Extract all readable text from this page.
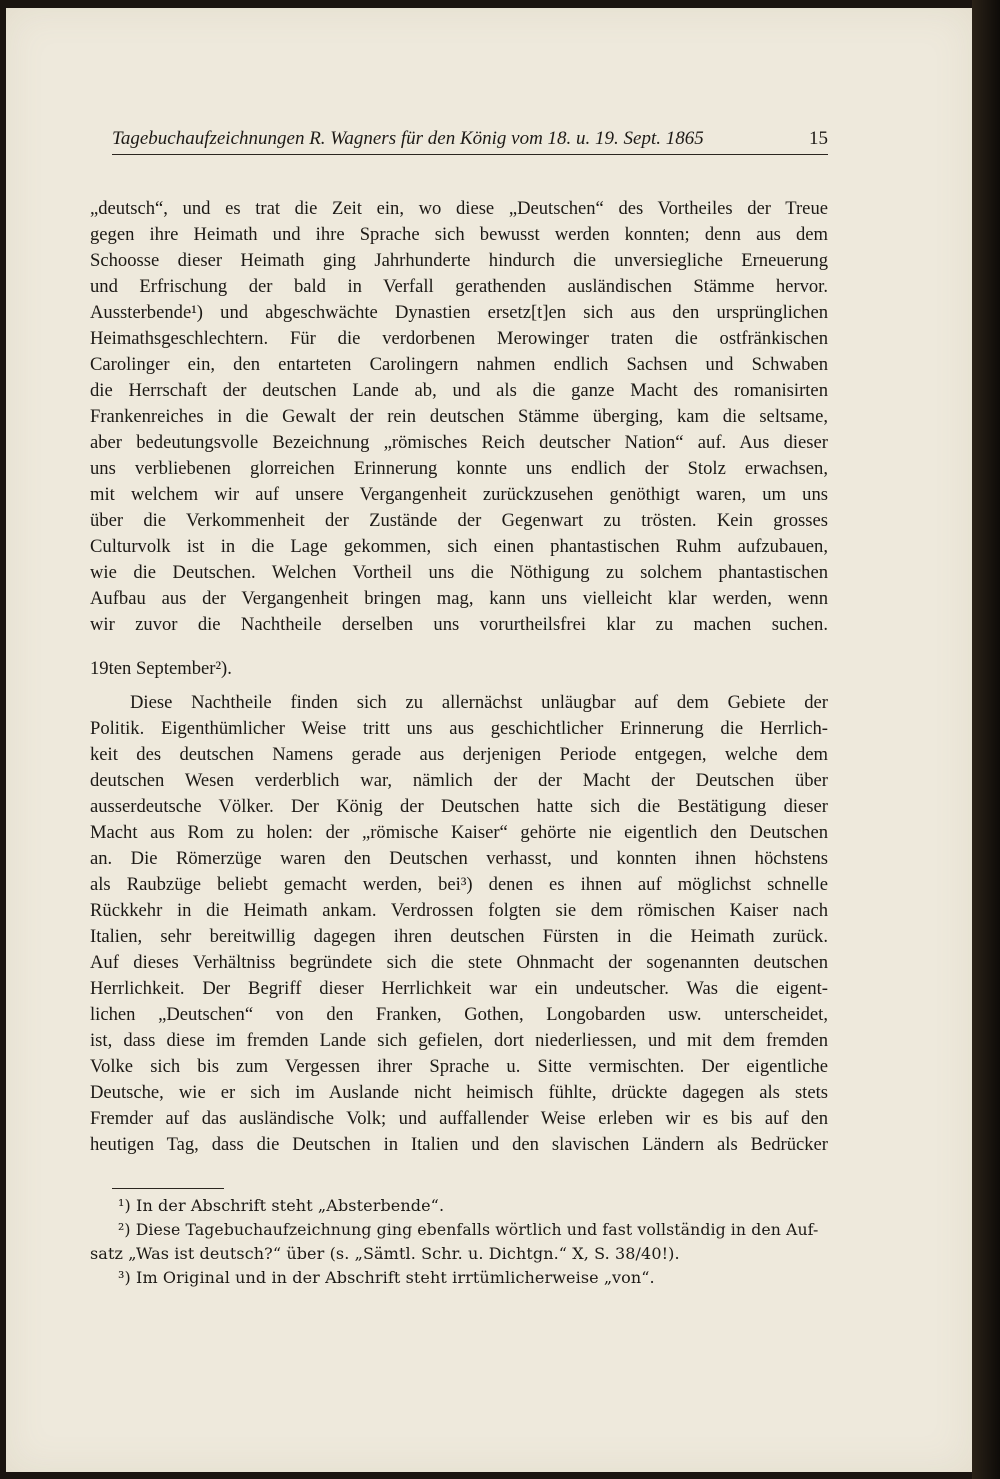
Tagebuchaufzeichnungen R. Wagners für den König vom 18. u. 19. Sept. 1865	15
„deutsch“, und es trat die Zeit ein, wo diese „Deutschen“ des Vortheiles der Treue
gegen ihre Heimath und ihre Sprache sich bewusst werden konnten; denn aus dem
Schoosse dieser Heimath ging Jahrhunderte hindurch die unversiegliche Erneuerung
und Erfrischung der bald in Verfall gerathenden ausländischen Stämme hervor.
Aussterbende¹) und abgeschwächte Dynastien ersetz[t]en sich aus den ursprünglichen
Heimathsgeschlechtern. Für die verdorbenen Merowinger traten die ostfränkischen
Carolinger ein, den entarteten Carolingern nahmen endlich Sachsen und Schwaben
die Herrschaft der deutschen Lande ab, und als die ganze Macht des romanisirten
Frankenreiches in die Gewalt der rein deutschen Stämme überging, kam die seltsame,
aber bedeutungsvolle Bezeichnung „römisches Reich deutscher Nation“ auf. Aus dieser
uns verbliebenen glorreichen Erinnerung konnte uns endlich der Stolz erwachsen,
mit welchem wir auf unsere Vergangenheit zurückzusehen genöthigt waren, um uns
über die Verkommenheit der Zustände der Gegenwart zu trösten. Kein grosses
Culturvolk ist in die Lage gekommen, sich einen phantastischen Ruhm aufzubauen,
wie die Deutschen. Welchen Vortheil uns die Nöthigung zu solchem phantastischen
Aufbau aus der Vergangenheit bringen mag, kann uns vielleicht klar werden, wenn
wir zuvor die Nachtheile derselben uns vorurtheilsfrei klar zu machen suchen.
19ten September²).
Diese Nachtheile finden sich zu allernächst unläugbar auf dem Gebiete der
Politik. Eigenthümlicher Weise tritt uns aus geschichtlicher Erinnerung die Herrlich-
keit des deutschen Namens gerade aus derjenigen Periode entgegen, welche dem
deutschen Wesen verderblich war, nämlich der der Macht der Deutschen über
ausserdeutsche Völker. Der König der Deutschen hatte sich die Bestätigung dieser
Macht aus Rom zu holen: der „römische Kaiser“ gehörte nie eigentlich den Deutschen
an. Die Römerzüge waren den Deutschen verhasst, und konnten ihnen höchstens
als Raubzüge beliebt gemacht werden, bei³) denen es ihnen auf möglichst schnelle
Rückkehr in die Heimath ankam. Verdrossen folgten sie dem römischen Kaiser nach
Italien, sehr bereitwillig dagegen ihren deutschen Fürsten in die Heimath zurück.
Auf dieses Verhältniss begründete sich die stete Ohnmacht der sogenannten deutschen
Herrlichkeit. Der Begriff dieser Herrlichkeit war ein undeutscher. Was die eigent-
lichen „Deutschen“ von den Franken, Gothen, Longobarden usw. unterscheidet,
ist, dass diese im fremden Lande sich gefielen, dort niederliessen, und mit dem fremden
Volke sich bis zum Vergessen ihrer Sprache u. Sitte vermischten. Der eigentliche
Deutsche, wie er sich im Auslande nicht heimisch fühlte, drückte dagegen als stets
Fremder auf das ausländische Volk; und auffallender Weise erleben wir es bis auf den
heutigen Tag, dass die Deutschen in Italien und den slavischen Ländern als Bedrücker
¹) In der Abschrift steht „Absterbende“.
²) Diese Tagebuchaufzeichnung ging ebenfalls wörtlich und fast vollständig in den Auf-
satz „Was ist deutsch?“ über (s. „Sämtl. Schr. u. Dichtgn.“ X, S. 38/40!).
³) Im Original und in der Abschrift steht irrtümlicherweise „von“.
